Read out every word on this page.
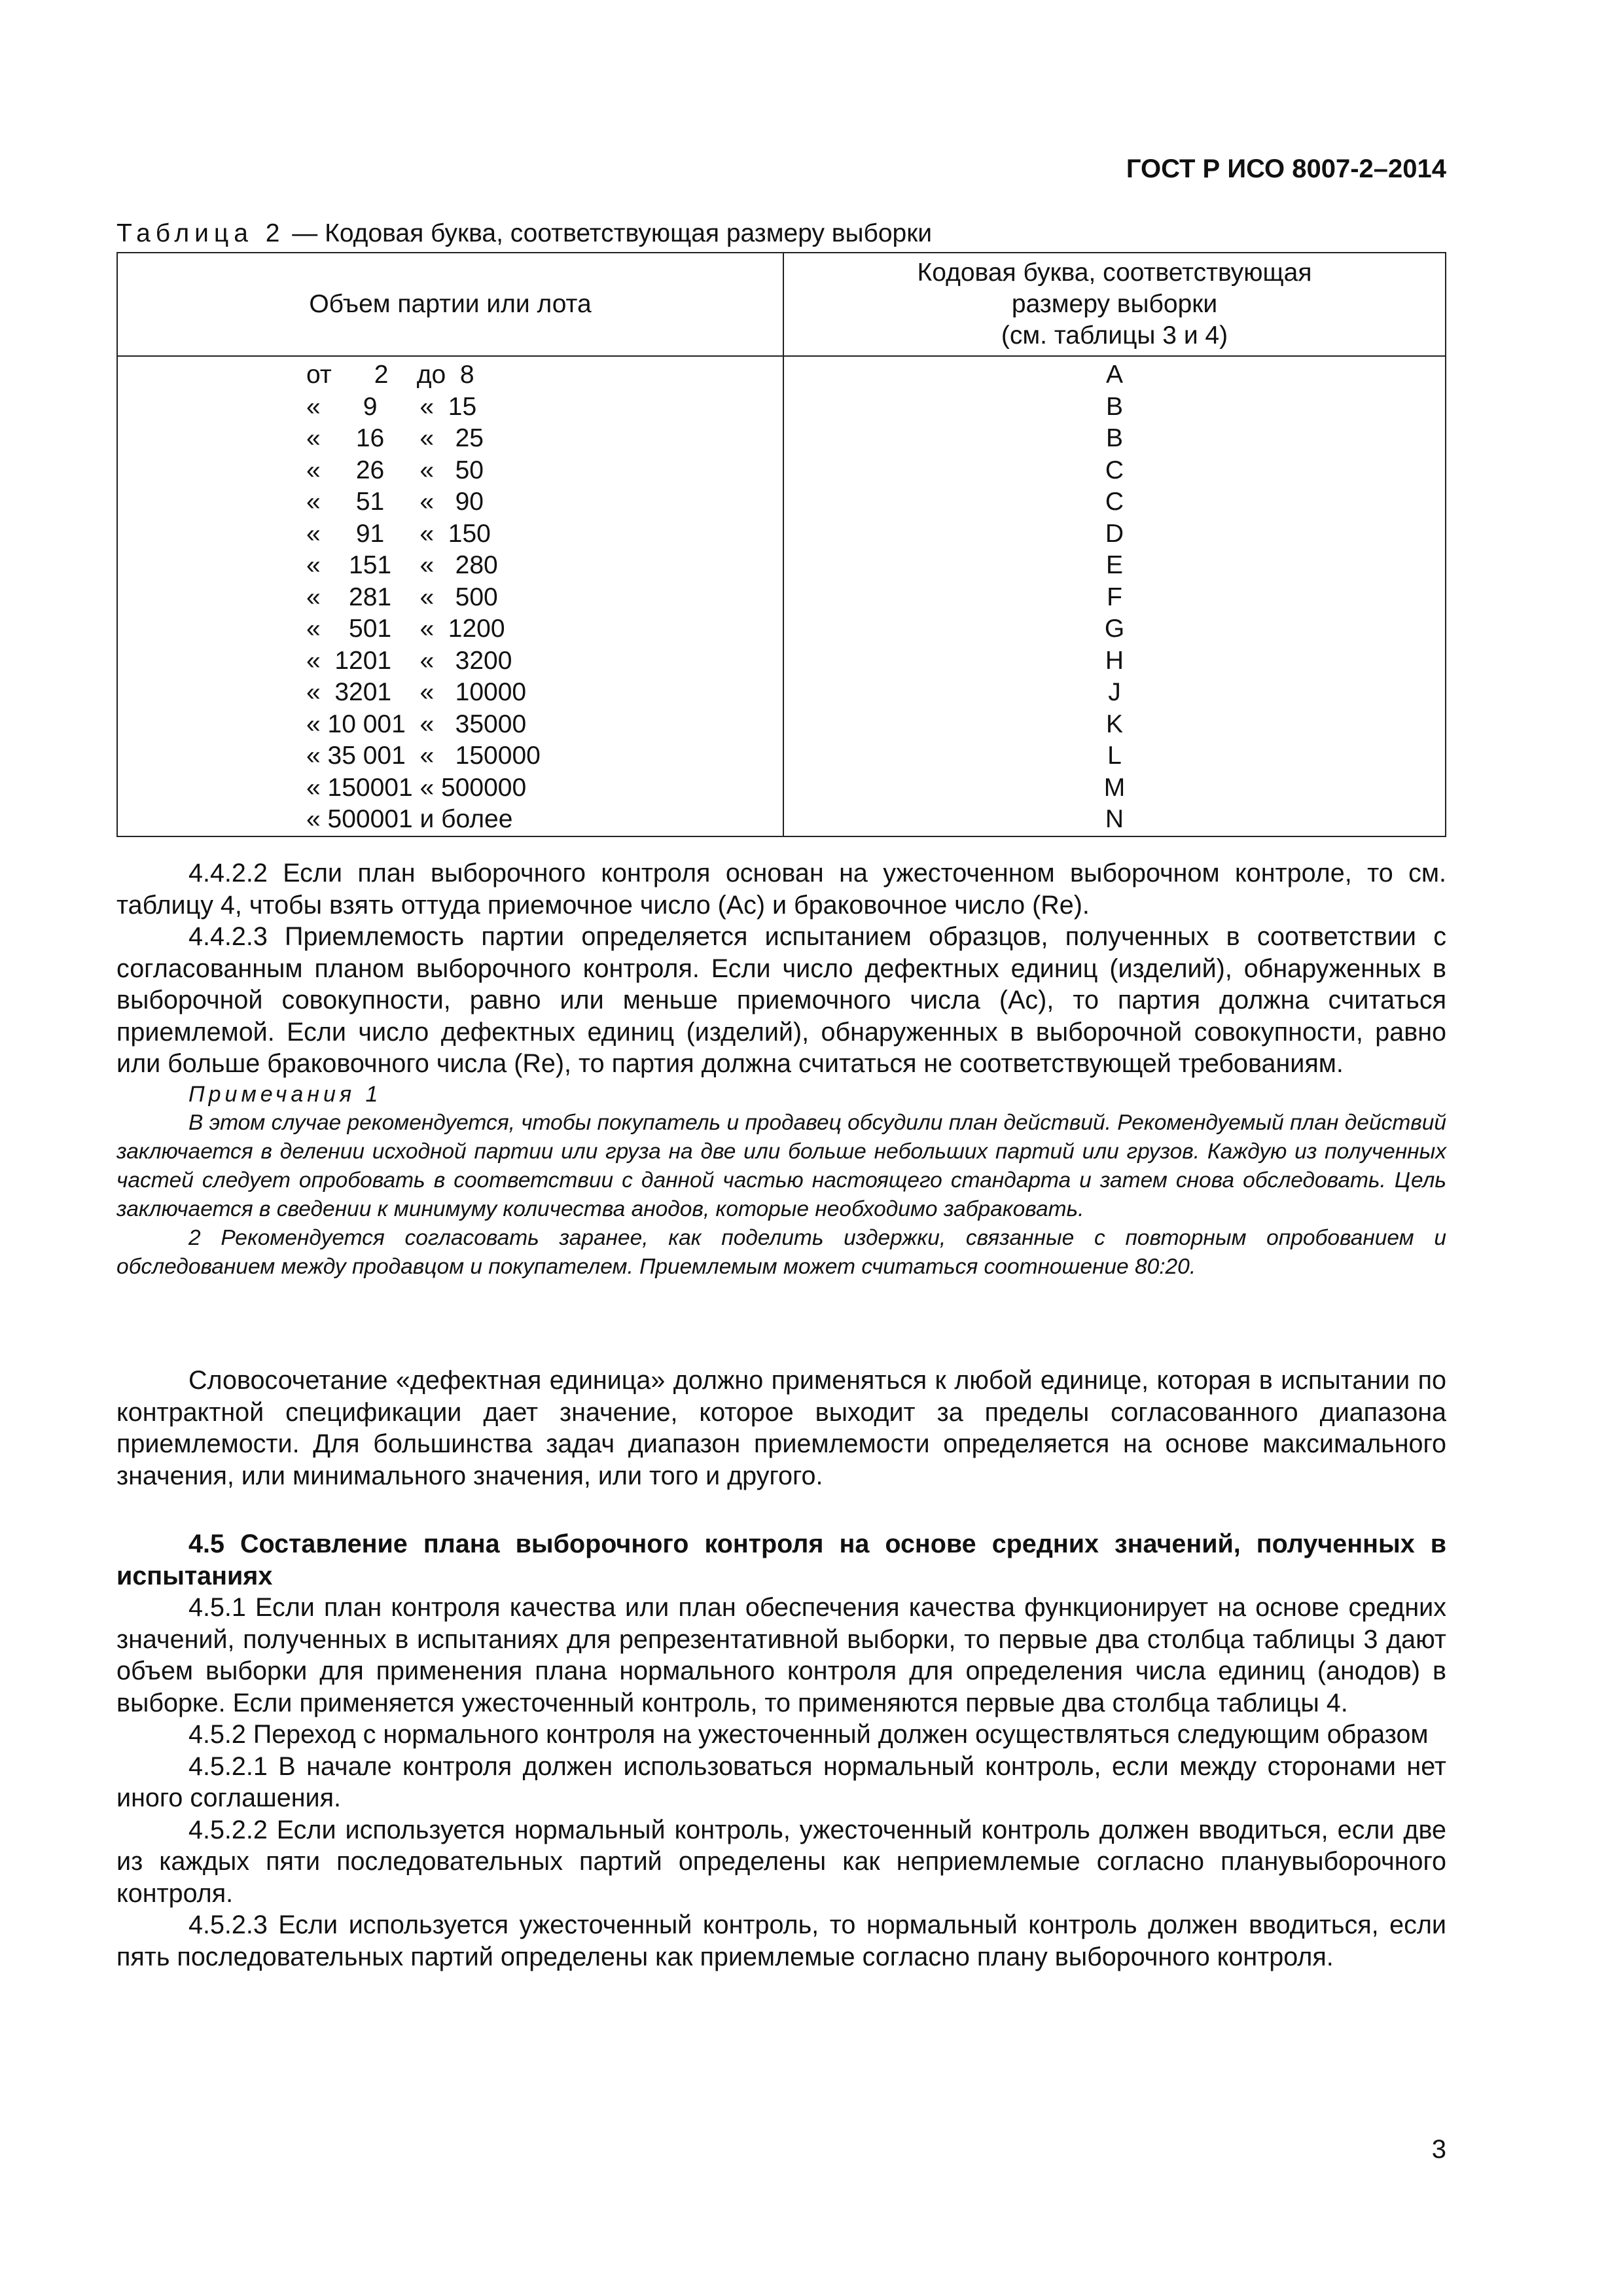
ГОСТ Р ИСО 8007-2–2014
Таблица 2 — Кодовая буква, соответствующая размеру выборки
Объем партии или лота	Кодовая буква, соответствующая
размеру выборки
(см. таблицы 3 и 4)

от      2    до  8	A
«      9      «  15	B
«     16     «   25	B
«     26     «   50	C
«     51     «   90	C
«     91     «  150	D
«    151    «   280	E
«    281    «   500	F
«    501    «  1200	G
«  1201    «   3200	H
«  3201    «   10000	J
« 10 001  «   35000	K
« 35 001  «   150000	L
« 150001 « 500000	M
« 500001 и более	N

4.4.2.2 Если план выборочного контроля основан на ужесточенном выборочном контроле, то см. таблицу 4, чтобы взять оттуда приемочное число (Ac) и браковочное число (Re).

4.4.2.3 Приемлемость партии определяется испытанием образцов, полученных в соответствии с согласованным планом выборочного контроля. Если число дефектных единиц (изделий), обнаруженных в выборочной совокупности, равно или меньше приемочного числа (Ac), то партия должна считаться приемлемой. Если число дефектных единиц (изделий), обнаруженных в выборочной совокупности, равно или больше браковочного числа (Re), то партия должна считаться не соответствующей требованиям.

Примечания 1

В этом случае рекомендуется, чтобы покупатель и продавец обсудили план действий. Рекомендуемый план действий заключается в делении исходной партии или груза на две или больше небольших партий или грузов. Каждую из полученных частей следует опробовать в соответствии с данной частью настоящего стандарта и затем снова обследовать. Цель заключается в сведении к минимуму количества анодов, которые необходимо забраковать.

2 Рекомендуется согласовать заранее, как поделить издержки, связанные с повторным опробованием и обследованием между продавцом и покупателем. Приемлемым может считаться соотношение 80:20.

Словосочетание «дефектная единица» должно применяться к любой единице, которая в испытании по контрактной спецификации дает значение, которое выходит за пределы согласованного диапазона приемлемости. Для большинства задач диапазон приемлемости определяется на основе максимального значения, или минимального значения, или того и другого.

4.5 Составление плана выборочного контроля на основе средних значений, полученных в испытаниях

4.5.1 Если план контроля качества или план обеспечения качества функционирует на основе средних значений, полученных в испытаниях для репрезентативной выборки, то первые два столбца таблицы 3 дают объем выборки для применения плана нормального контроля для определения числа единиц (анодов) в выборке. Если применяется ужесточенный контроль, то применяются первые два столбца таблицы 4.

4.5.2 Переход с нормального контроля на ужесточенный должен осуществляться следующим образом

4.5.2.1 В начале контроля должен использоваться нормальный контроль, если между сторонами нет иного соглашения.

4.5.2.2 Если используется нормальный контроль, ужесточенный контроль должен вводиться, если две из каждых пяти последовательных партий определены как неприемлемые согласно планувыборочного контроля.

4.5.2.3 Если используется ужесточенный контроль, то нормальный контроль должен вводиться, если пять последовательных партий определены как приемлемые согласно плану выборочного контроля.

3
